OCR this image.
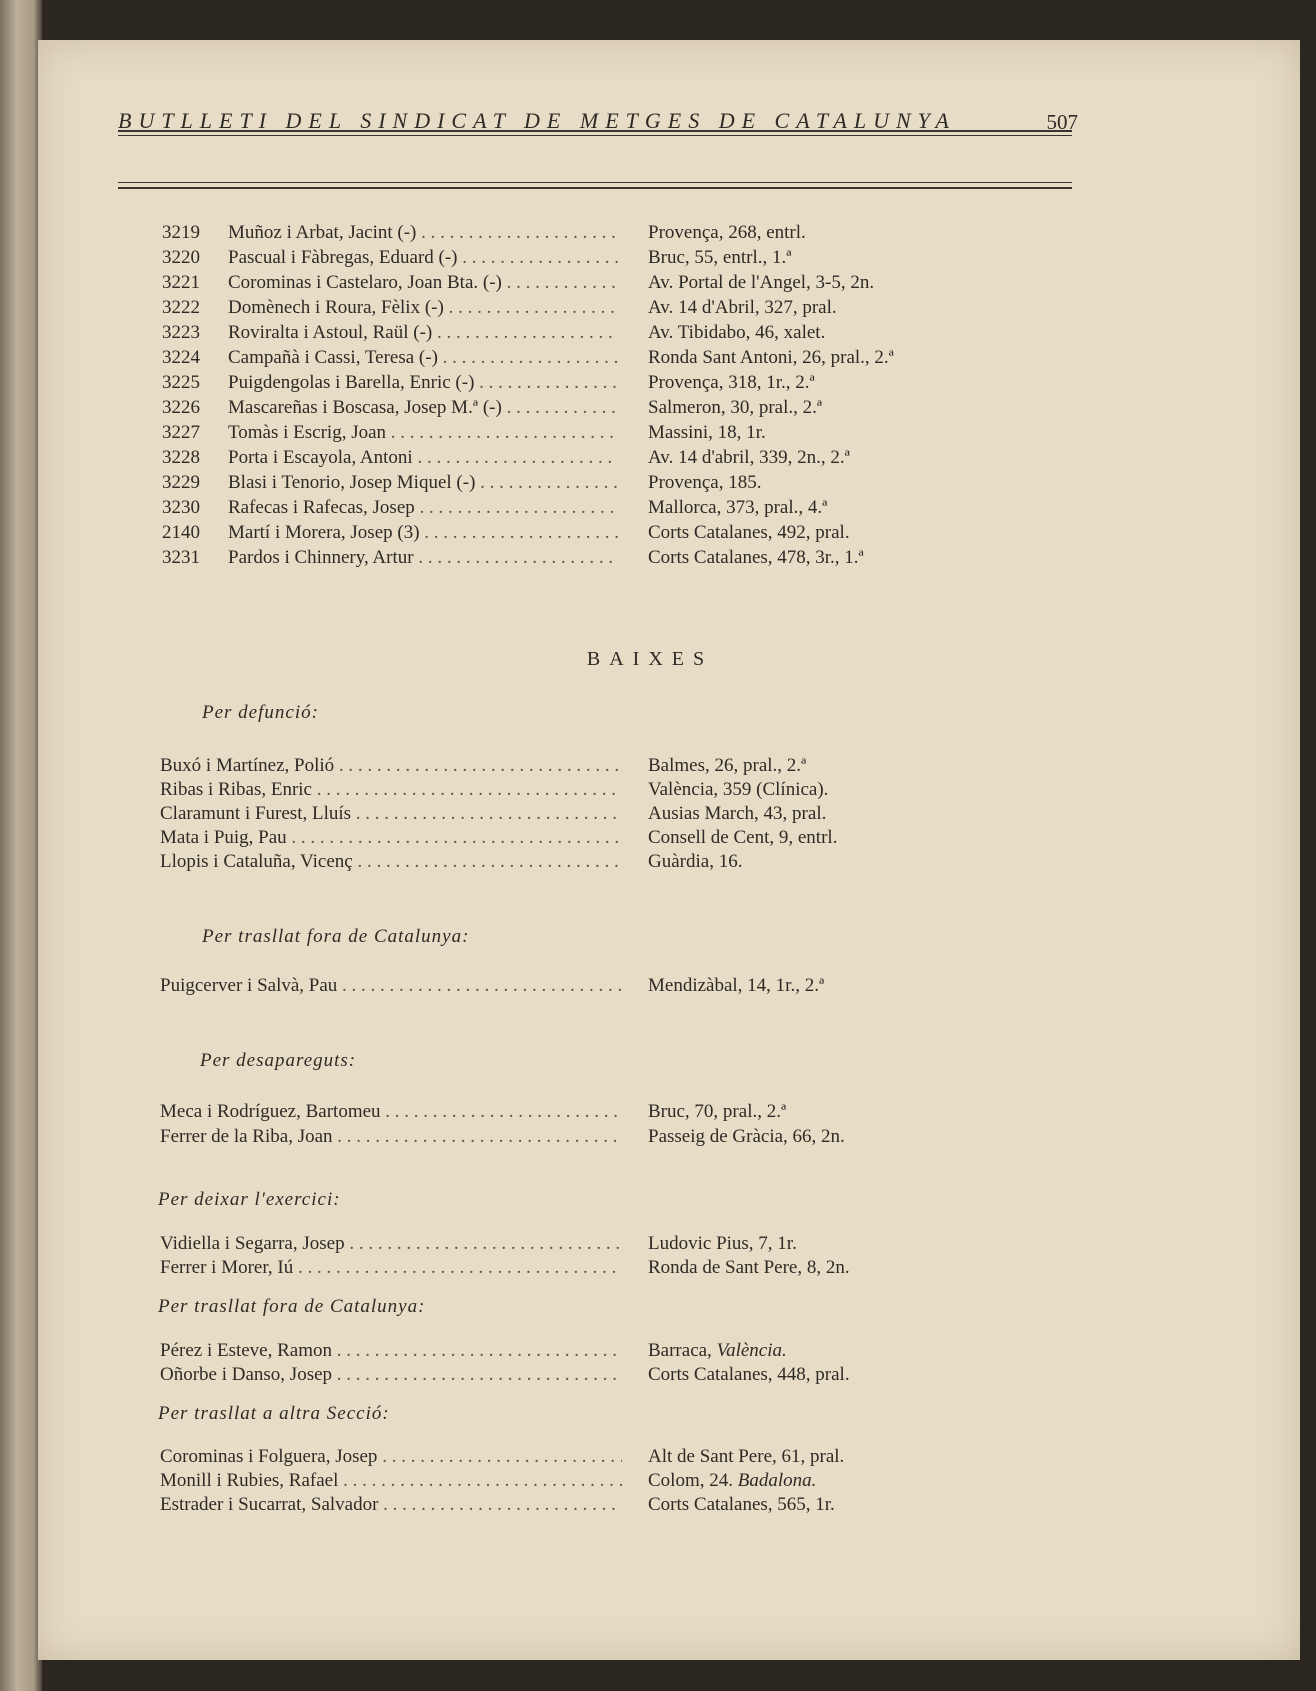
BUTLLETI DEL SINDICAT DE METGES DE CATALUNYA	507
3219	Muñoz i Arbat, Jacint (-) . . .	Provença, 268, entrl.
3220	Pascual i Fàbregas, Eduard (-) . . .	Bruc, 55, entrl., 1.ª
3221	Corominas i Castelaro, Joan Bta. (-) . . .	Av. Portal de l'Angel, 3-5, 2n.
3222	Domènech i Roura, Fèlix (-) . . .	Av. 14 d'Abril, 327, pral.
3223	Roviralta i Astoul, Raül (-) . . .	Av. Tibidabo, 46, xalet.
3224	Campañà i Cassi, Teresa (-) . . .	Ronda Sant Antoni, 26, pral., 2.ª
3225	Puigdengolas i Barella, Enric (-) . . .	Provença, 318, 1r., 2.ª
3226	Mascareñas i Boscasa, Josep M.ª (-) . . .	Salmeron, 30, pral., 2.ª
3227	Tomàs i Escrig, Joan . . .	Massini, 18, 1r.
3228	Porta i Escayola, Antoni . . .	Av. 14 d'abril, 339, 2n., 2.ª
3229	Blasi i Tenorio, Josep Miquel (-) . . .	Provença, 185.
3230	Rafecas i Rafecas, Josep . . .	Mallorca, 373, pral., 4.ª
2140	Martí i Morera, Josep (3) . . .	Corts Catalanes, 492, pral.
3231	Pardos i Chinnery, Artur . . .	Corts Catalanes, 478, 3r., 1.ª
BAIXES
Per defunció:
Buxó i Martínez, Polió . . .	Balmes, 26, pral., 2.ª
Ribas i Ribas, Enric . . .	València, 359 (Clínica).
Claramunt i Furest, Lluís . . .	Ausias March, 43, pral.
Mata i Puig, Pau . . .	Consell de Cent, 9, entrl.
Llopis i Cataluña, Vicenç . . .	Guàrdia, 16.
Per trasllat fora de Catalunya:
Puigcerver i Salvà, Pau . . .	Mendizàbal, 14, 1r., 2.ª
Per desapareguts:
Meca i Rodríguez, Bartomeu . . .	Bruc, 70, pral., 2.ª
Ferrer de la Riba, Joan . . .	Passeig de Gràcia, 66, 2n.
Per deixar l'exercici:
Vidiella i Segarra, Josep . . .	Ludovic Pius, 7, 1r.
Ferrer i Morer, Iú . . .	Ronda de Sant Pere, 8, 2n.
Per trasllat fora de Catalunya:
Pérez i Esteve, Ramon . . .	Barraca, València.
Oñorbe i Danso, Josep . . .	Corts Catalanes, 448, pral.
Per trasllat a altra Secció:
Corominas i Folguera, Josep . . .	Alt de Sant Pere, 61, pral.
Monill i Rubies, Rafael . . .	Colom, 24. Badalona.
Estrader i Sucarrat, Salvador . . .	Corts Catalanes, 565, 1r.
